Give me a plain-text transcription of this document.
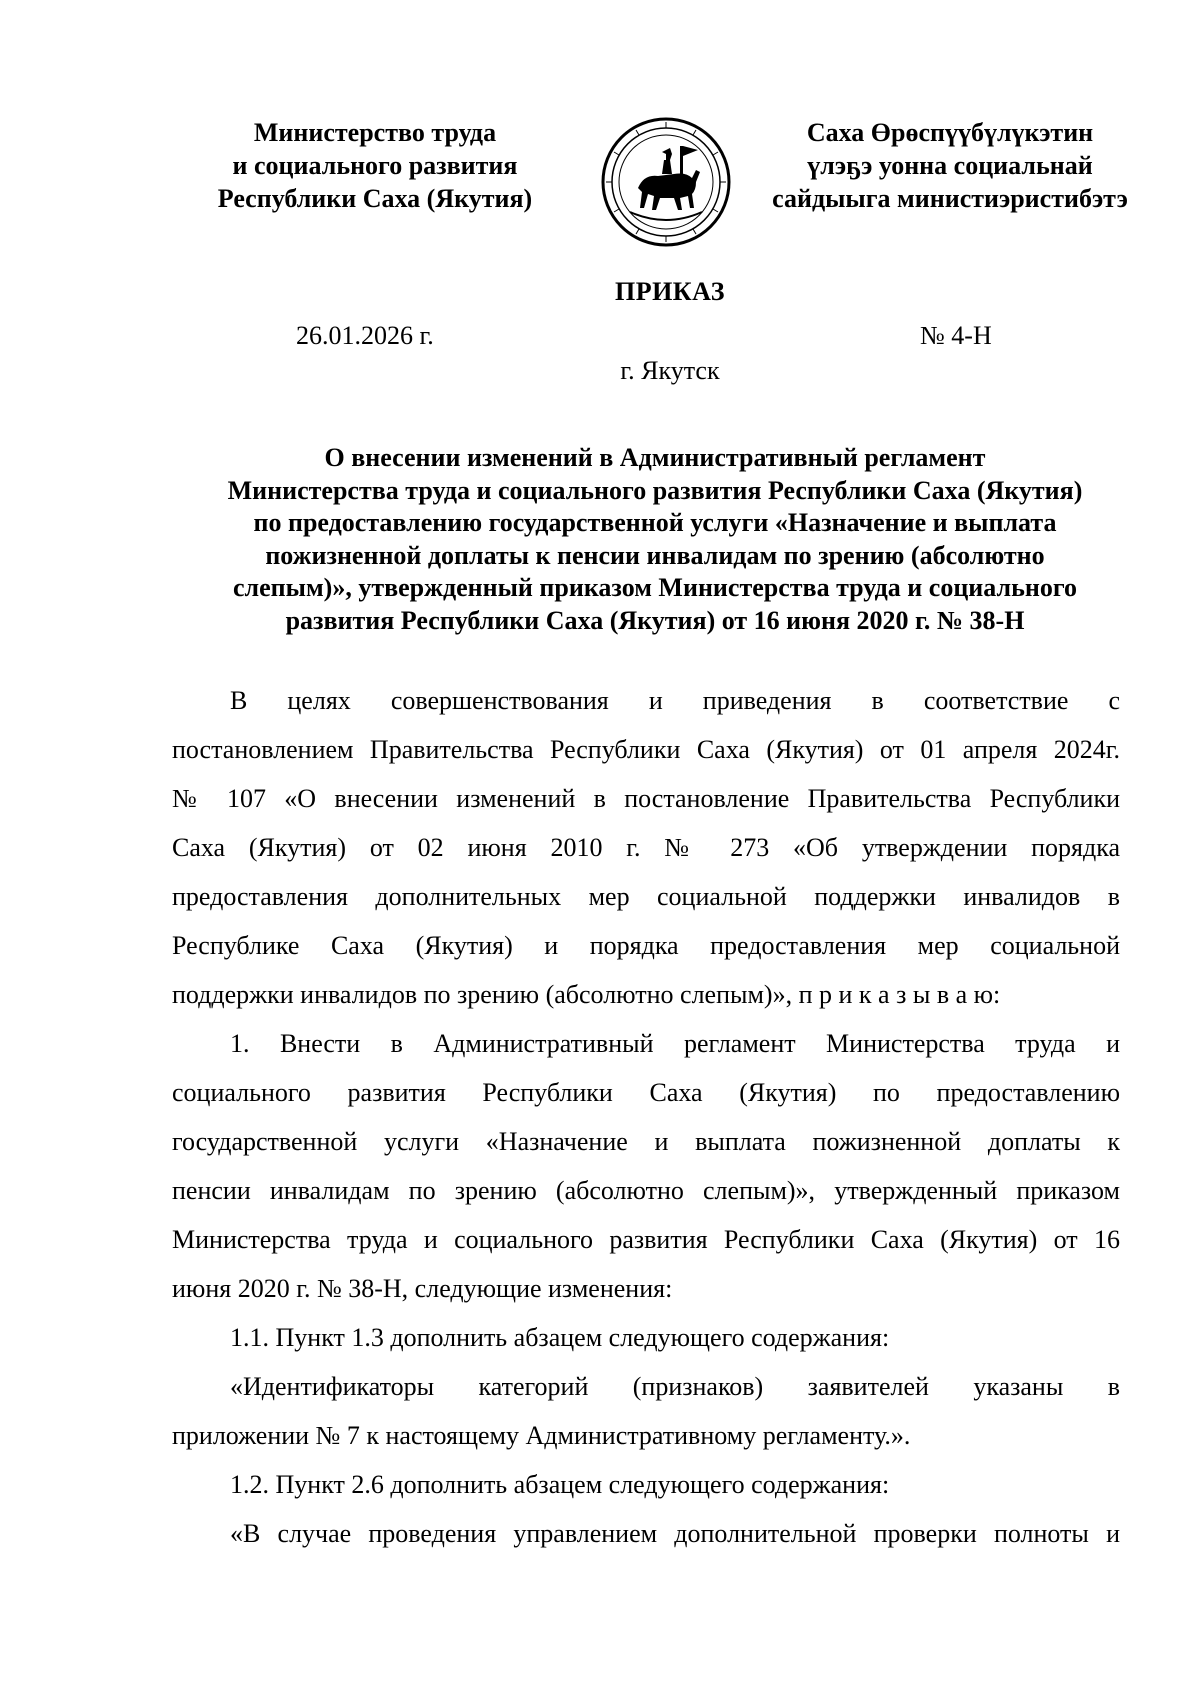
Министерство труда
и социального развития
Республики Саха (Якутия)
Саха Өрөспүүбүлүкэтин
үлэҕэ уонна социальнай
сайдыыга министиэристибэтэ
ПРИКАЗ
26.01.2026 г.	№ 4-Н
г. Якутск
О внесении изменений в Административный регламент
Министерства труда и социального развития Республики Саха (Якутия)
по предоставлению государственной услуги «Назначение и выплата
пожизненной доплаты к пенсии инвалидам по зрению (абсолютно
слепым)», утвержденный приказом Министерства труда и социального
развития Республики Саха (Якутия) от 16 июня 2020 г. № 38-Н
В целях совершенствования и приведения в соответствие с
постановлением Правительства Республики Саха (Якутия) от 01 апреля 2024г.
№ 107 «О внесении изменений в постановление Правительства Республики
Саха (Якутия) от 02 июня 2010 г. № 273 «Об утверждении порядка
предоставления дополнительных мер социальной поддержки инвалидов в
Республике Саха (Якутия) и порядка предоставления мер социальной
поддержки инвалидов по зрению (абсолютно слепым)», п р и к а з ы в а ю:
1. Внести в Административный регламент Министерства труда и
социального развития Республики Саха (Якутия) по предоставлению
государственной услуги «Назначение и выплата пожизненной доплаты к
пенсии инвалидам по зрению (абсолютно слепым)», утвержденный приказом
Министерства труда и социального развития Республики Саха (Якутия) от 16
июня 2020 г. № 38-Н, следующие изменения:
1.1. Пункт 1.3 дополнить абзацем следующего содержания:
«Идентификаторы категорий (признаков) заявителей указаны в
приложении № 7 к настоящему Административному регламенту.».
1.2. Пункт 2.6 дополнить абзацем следующего содержания:
«В случае проведения управлением дополнительной проверки полноты и
